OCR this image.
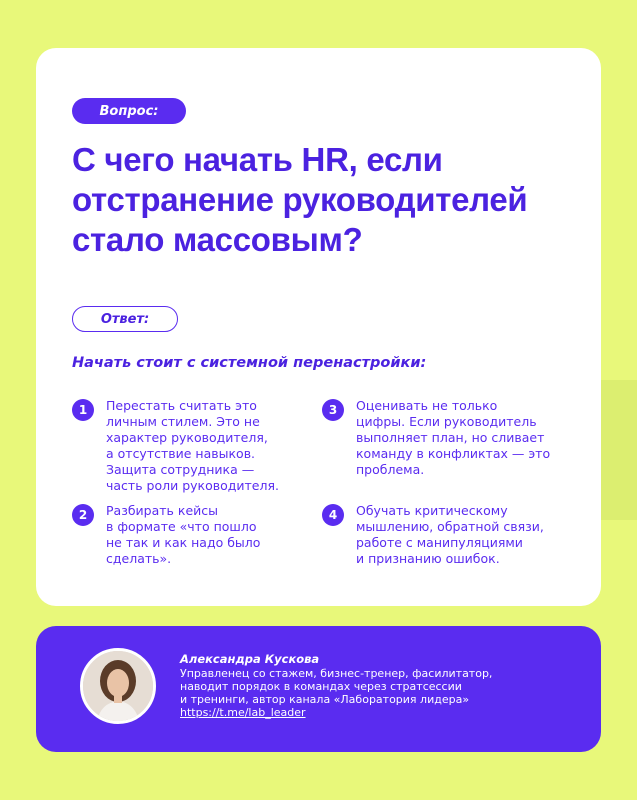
Вопрос:
С чего начать HR, если отстранение руководителей стало массовым?
Ответ:
Начать стоит с системной перенастройки:
1	Перестать считать это
личным стилем. Это не
характер руководителя,
а отсутствие навыков.
Защита сотрудника —
часть роли руководителя.
2	Разбирать кейсы
в формате «что пошло
не так и как надо было
сделать».
3	Оценивать не только
цифры. Если руководитель
выполняет план, но сливает
команду в конфликтах — это
проблема.
4	Обучать критическому
мышлению, обратной связи,
работе с манипуляциями
и признанию ошибок.
Александра Кускова
Управленец со стажем, бизнес-тренер, фасилитатор,
наводит порядок в командах через стратсессии
и тренинги, автор канала «Лаборатория лидера»
https://t.me/lab_leader
